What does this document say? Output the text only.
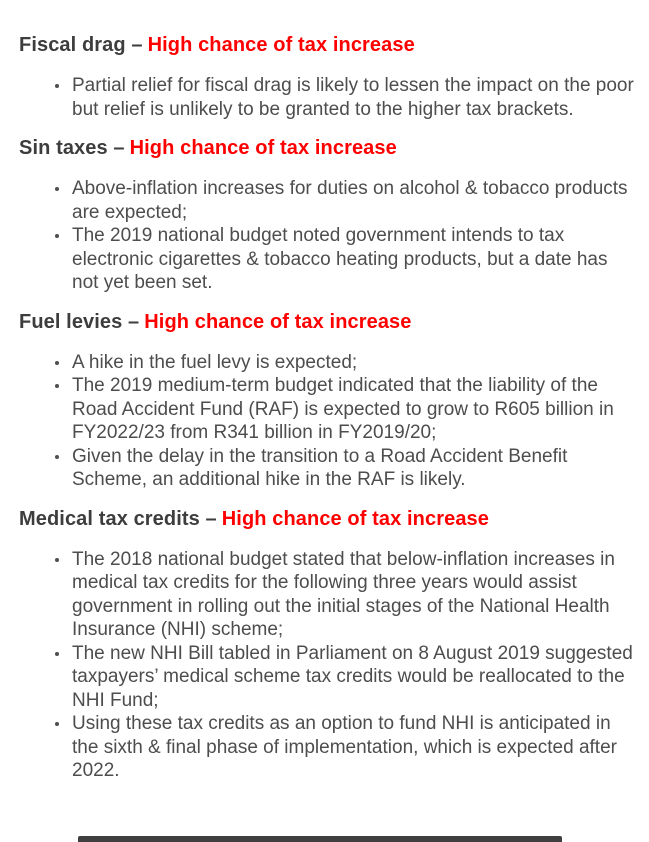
Fiscal drag – High chance of tax increase
Partial relief for fiscal drag is likely to lessen the impact on the poor but relief is unlikely to be granted to the higher tax brackets.
Sin taxes – High chance of tax increase
Above-inflation increases for duties on alcohol & tobacco products are expected;
The 2019 national budget noted government intends to tax electronic cigarettes & tobacco heating products, but a date has not yet been set.
Fuel levies – High chance of tax increase
A hike in the fuel levy is expected;
The 2019 medium-term budget indicated that the liability of the Road Accident Fund (RAF) is expected to grow to R605 billion in FY2022/23 from R341 billion in FY2019/20;
Given the delay in the transition to a Road Accident Benefit Scheme, an additional hike in the RAF is likely.
Medical tax credits – High chance of tax increase
The 2018 national budget stated that below-inflation increases in medical tax credits for the following three years would assist government in rolling out the initial stages of the National Health Insurance (NHI) scheme;
The new NHI Bill tabled in Parliament on 8 August 2019 suggested taxpayers’ medical scheme tax credits would be reallocated to the NHI Fund;
Using these tax credits as an option to fund NHI is anticipated in the sixth & final phase of implementation, which is expected after 2022.
